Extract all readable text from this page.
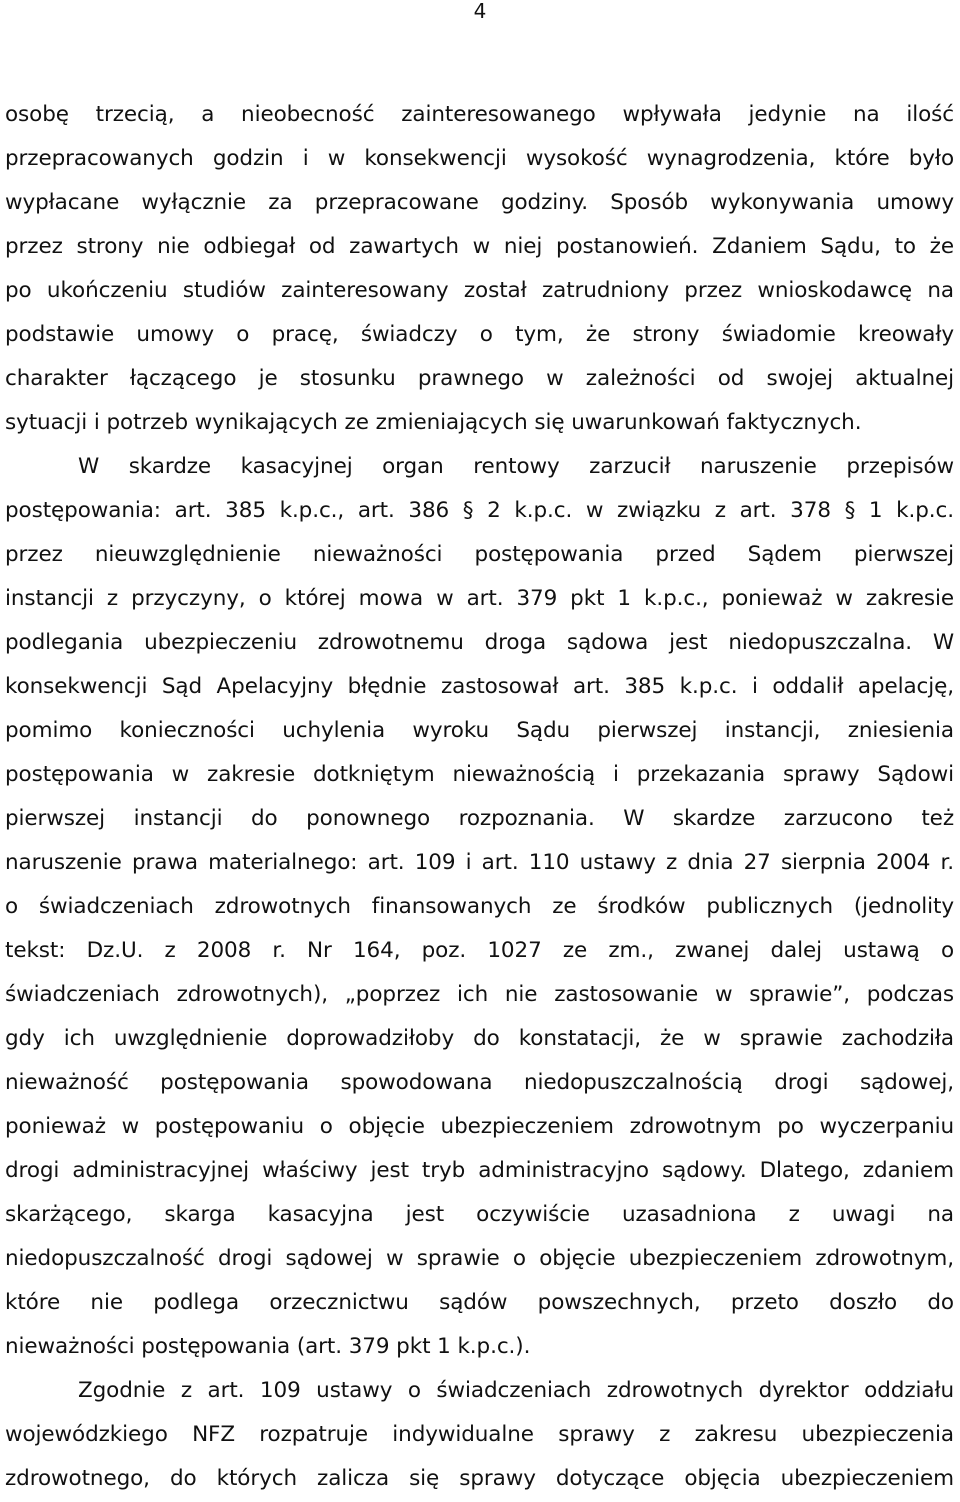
4
osobę trzecią, a nieobecność zainteresowanego wpływała jedynie na ilość
przepracowanych godzin i w konsekwencji wysokość wynagrodzenia, które było
wypłacane wyłącznie za przepracowane godziny. Sposób wykonywania umowy
przez strony nie odbiegał od zawartych w niej postanowień. Zdaniem Sądu, to że
po ukończeniu studiów zainteresowany został zatrudniony przez wnioskodawcę na
podstawie umowy o pracę, świadczy o tym, że strony świadomie kreowały
charakter łączącego je stosunku prawnego w zależności od swojej aktualnej
sytuacji i potrzeb wynikających ze zmieniających się uwarunkowań faktycznych.
W skardze kasacyjnej organ rentowy zarzucił naruszenie przepisów
postępowania: art. 385 k.p.c., art. 386 § 2 k.p.c. w związku z art. 378 § 1 k.p.c.
przez nieuwzględnienie nieważności postępowania przed Sądem pierwszej
instancji z przyczyny, o której mowa w art. 379 pkt 1 k.p.c., ponieważ w zakresie
podlegania ubezpieczeniu zdrowotnemu droga sądowa jest niedopuszczalna. W
konsekwencji Sąd Apelacyjny błędnie zastosował art. 385 k.p.c. i oddalił apelację,
pomimo konieczności uchylenia wyroku Sądu pierwszej instancji, zniesienia
postępowania w zakresie dotkniętym nieważnością i przekazania sprawy Sądowi
pierwszej instancji do ponownego rozpoznania. W skardze zarzucono też
naruszenie prawa materialnego: art. 109 i art. 110 ustawy z dnia 27 sierpnia 2004 r.
o świadczeniach zdrowotnych finansowanych ze środków publicznych (jednolity
tekst: Dz.U. z 2008 r. Nr 164, poz. 1027 ze zm., zwanej dalej ustawą o
świadczeniach zdrowotnych), „poprzez ich nie zastosowanie w sprawie”, podczas
gdy ich uwzględnienie doprowadziłoby do konstatacji, że w sprawie zachodziła
nieważność postępowania spowodowana niedopuszczalnością drogi sądowej,
ponieważ w postępowaniu o objęcie ubezpieczeniem zdrowotnym po wyczerpaniu
drogi administracyjnej właściwy jest tryb administracyjno sądowy. Dlatego, zdaniem
skarżącego, skarga kasacyjna jest oczywiście uzasadniona z uwagi na
niedopuszczalność drogi sądowej w sprawie o objęcie ubezpieczeniem zdrowotnym,
które nie podlega orzecznictwu sądów powszechnych, przeto doszło do
nieważności postępowania (art. 379 pkt 1 k.p.c.).
Zgodnie z art. 109 ustawy o świadczeniach zdrowotnych dyrektor oddziału
wojewódzkiego NFZ rozpatruje indywidualne sprawy z zakresu ubezpieczenia
zdrowotnego, do których zalicza się sprawy dotyczące objęcia ubezpieczeniem
